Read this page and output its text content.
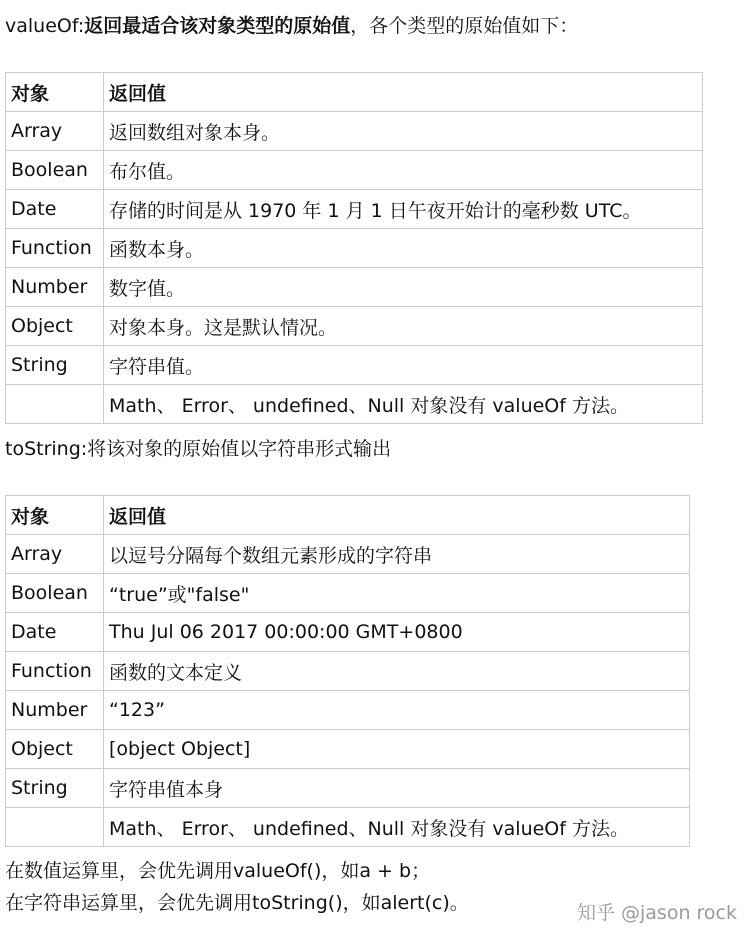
valueOf:返回最适合该对象类型的原始值，各个类型的原始值如下：
对象	返回值
Array	返回数组对象本身。
Boolean	布尔值。
Date	存储的时间是从 1970 年 1 月 1 日午夜开始计的毫秒数 UTC。
Function	函数本身。
Number	数字值。
Object	对象本身。这是默认情况。
String	字符串值。
	Math、 Error、 undefined、Null 对象没有 valueOf 方法。
toString:将该对象的原始值以字符串形式输出
对象	返回值
Array	以逗号分隔每个数组元素形成的字符串
Boolean	“true”或"false"
Date	Thu Jul 06 2017 00:00:00 GMT+0800
Function	函数的文本定义
Number	“123”
Object	[object Object]
String	字符串值本身
	Math、 Error、 undefined、Null 对象没有 valueOf 方法。
在数值运算里，会优先调用valueOf()，如a + b；
在字符串运算里，会优先调用toString()，如alert(c)。	知乎 @jason rock
